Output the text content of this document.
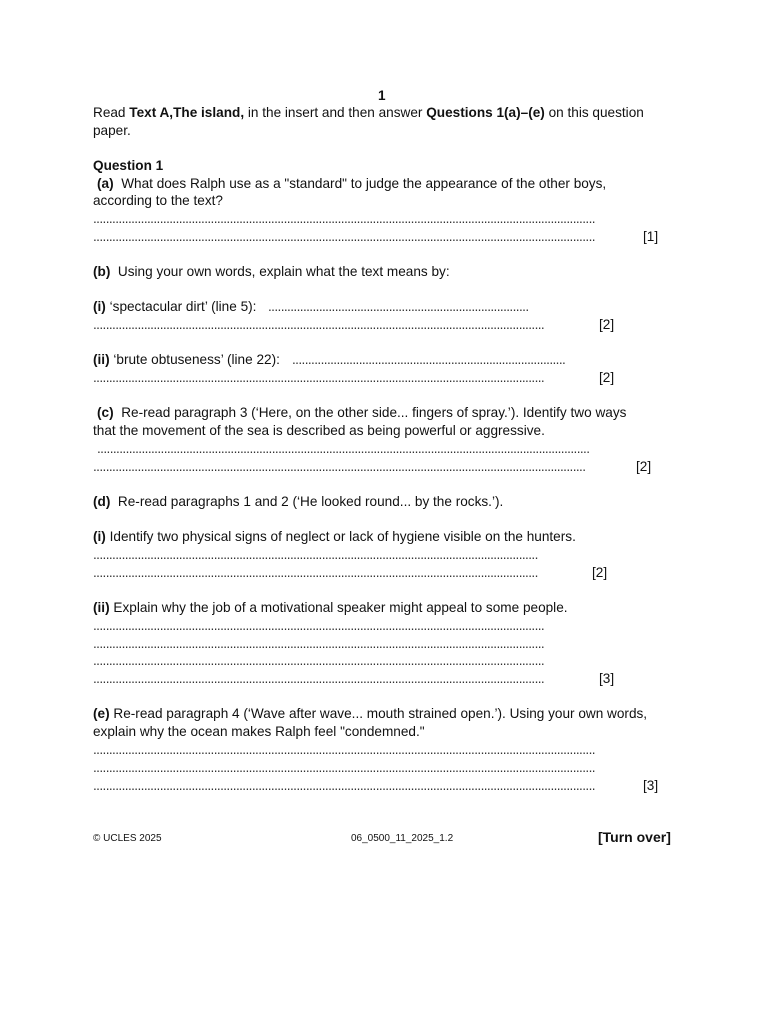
1
Read Text A,The island, in the insert and then answer Questions 1(a)–(e) on this question
paper.
Question 1
(a) What does Ralph use as a "standard" to judge the appearance of the other boys,
according to the text?
..............................................................................................................................................................
..............................................................................................................................................................	[1]
(b) Using your own words, explain what the text means by:
(i) ‘spectacular dirt’ (line 5): ..................................................................................
..............................................................................................................................................	[2]
(ii) ‘brute obtuseness’ (line 22): ......................................................................................
..............................................................................................................................................	[2]
(c) Re-read paragraph 3 (‘Here, on the other side... fingers of spray.’). Identify two ways
that the movement of the sea is described as being powerful or aggressive.
...........................................................................................................................................................
...........................................................................................................................................................	[2]
(d) Re-read paragraphs 1 and 2 (‘He looked round... by the rocks.’).
(i) Identify two physical signs of neglect or lack of hygiene visible on the hunters.
............................................................................................................................................
............................................................................................................................................	[2]
(ii) Explain why the job of a motivational speaker might appeal to some people.
..............................................................................................................................................
..............................................................................................................................................
..............................................................................................................................................
..............................................................................................................................................	[3]
(e) Re-read paragraph 4 (‘Wave after wave... mouth strained open.’). Using your own words,
explain why the ocean makes Ralph feel "condemned."
..............................................................................................................................................................
..............................................................................................................................................................
..............................................................................................................................................................	[3]
© UCLES 2025	06_0500_11_2025_1.2	[Turn over]
